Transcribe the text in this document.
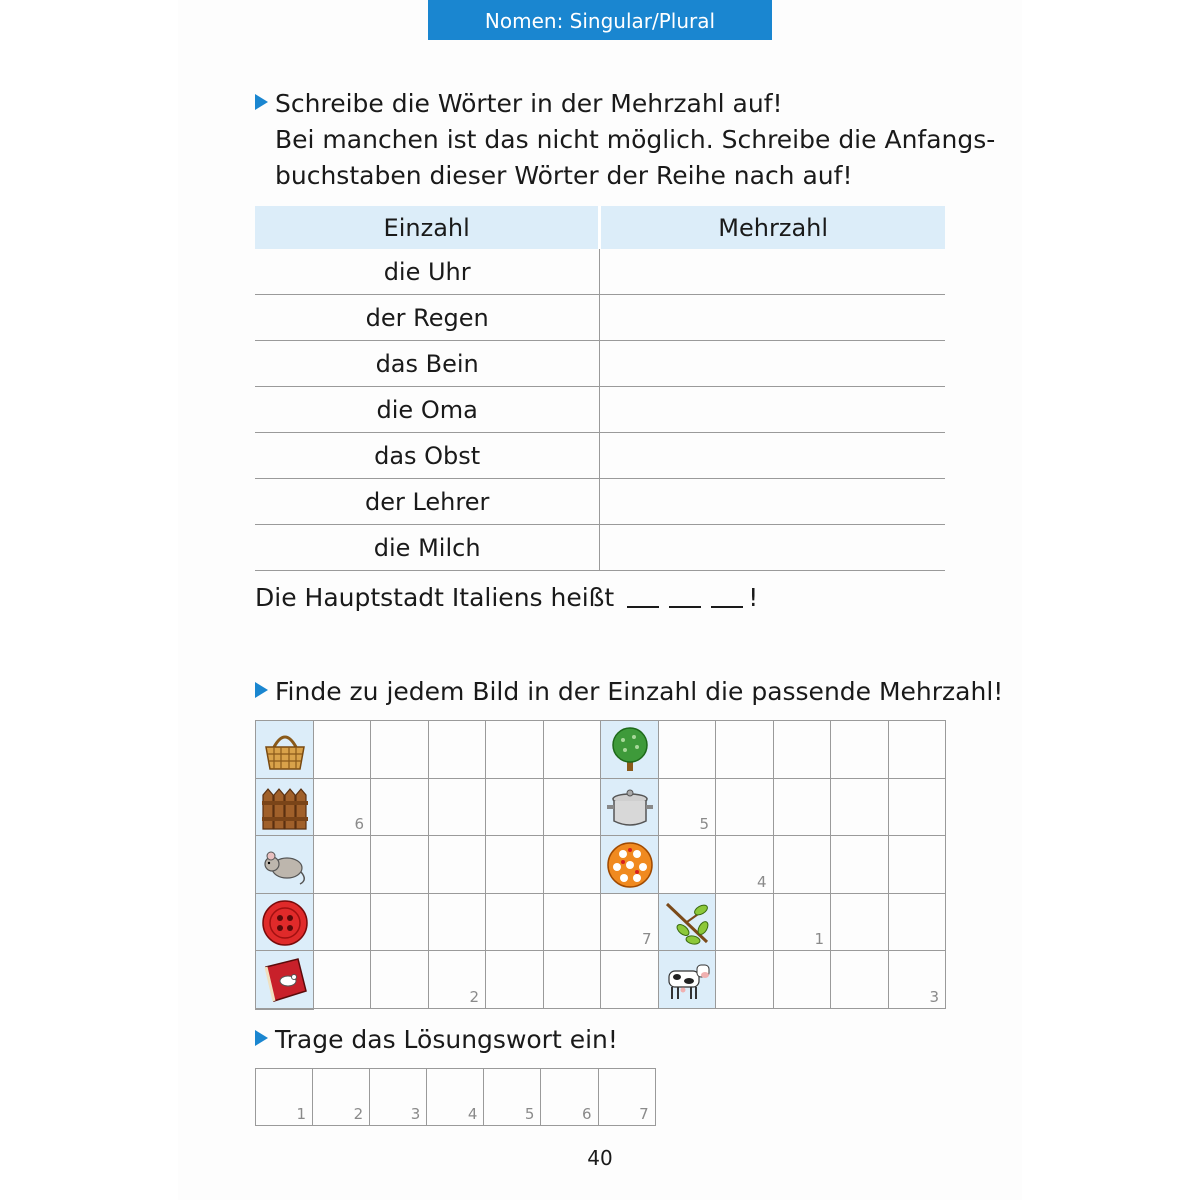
Nomen: Singular/Plural
Schreibe die Wörter in der Mehrzahl auf!
Bei manchen ist das nicht möglich. Schreibe die Anfangs-
buchstaben dieser Wörter der Reihe nach auf!
Einzahl	Mehrzahl
die Uhr	
der Regen	
das Bein	
die Oma	
das Obst	
der Lehrer	
die Milch	
Die Hauptstadt Italiens heißt	!
Finde zu jedem Bild in der Einzahl die passende Mehrzahl!
6	5
4
7	1
2	3
Trage das Lösungswort ein!
1	2	3	4	5	6	7
40
